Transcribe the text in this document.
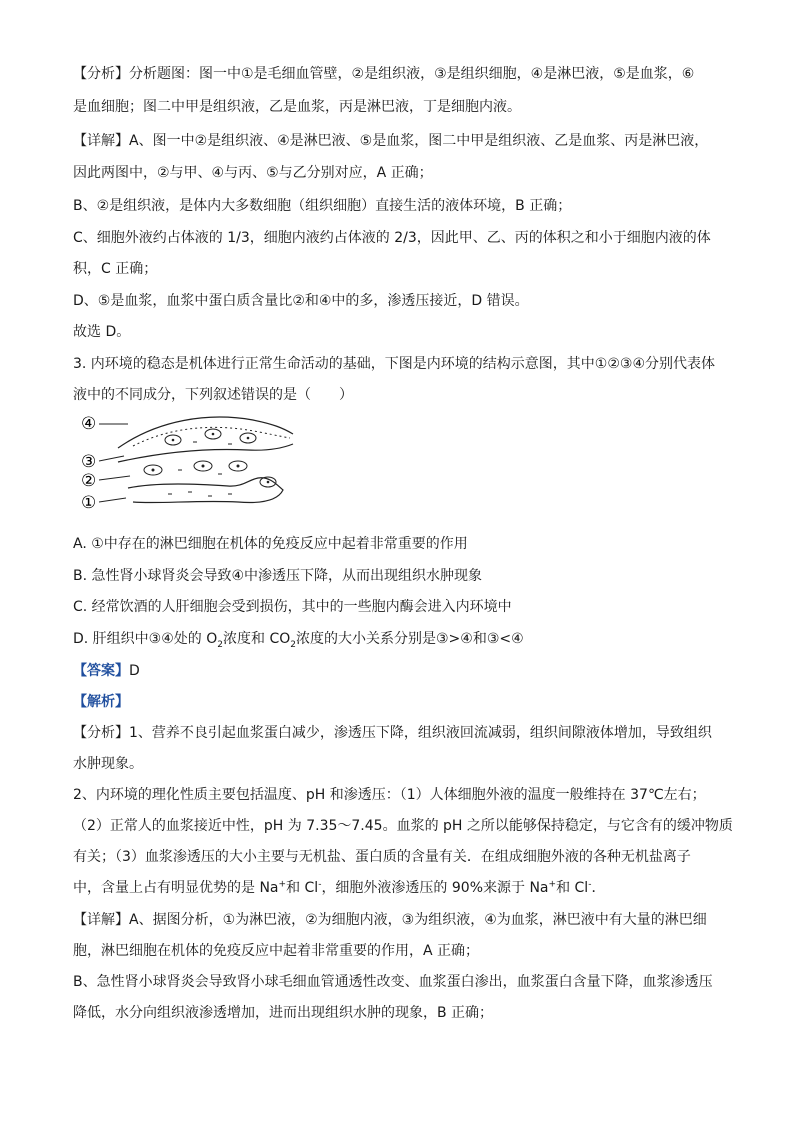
【分析】分析题图：图一中①是毛细血管壁，②是组织液，③是组织细胞，④是淋巴液，⑤是血浆，⑥
是血细胞；图二中甲是组织液，乙是血浆，丙是淋巴液，丁是细胞内液。
【详解】A、图一中②是组织液、④是淋巴液、⑤是血浆，图二中甲是组织液、乙是血浆、丙是淋巴液，
因此两图中，②与甲、④与丙、⑤与乙分别对应，A 正确；
B、②是组织液，是体内大多数细胞（组织细胞）直接生活的液体环境，B 正确；
C、细胞外液约占体液的 1/3，细胞内液约占体液的 2/3，因此甲、乙、丙的体积之和小于细胞内液的体
积，C 正确；
D、⑤是血浆，血浆中蛋白质含量比②和④中的多，渗透压接近，D 错误。
故选 D。
3. 内环境的稳态是机体进行正常生命活动的基础，下图是内环境的结构示意图，其中①②③④分别代表体
液中的不同成分，下列叙述错误的是（　　）
④
③
②
①
A. ①中存在的淋巴细胞在机体的免疫反应中起着非常重要的作用
B. 急性肾小球肾炎会导致④中渗透压下降，从而出现组织水肿现象
C. 经常饮酒的人肝细胞会受到损伤，其中的一些胞内酶会进入内环境中
D. 肝组织中③④处的 $O_2$浓度和 $CO_2$浓度的大小关系分别是③>④和③<④
【答案】D
【解析】
【分析】1、营养不良引起血浆蛋白减少，渗透压下降，组织液回流减弱，组织间隙液体增加，导致组织
水肿现象。
2、内环境的理化性质主要包括温度、pH 和渗透压：（1）人体细胞外液的温度一般维持在 37℃左右；
（2）正常人的血浆接近中性，pH 为 7.35～7.45。血浆的 pH 之所以能够保持稳定，与它含有的缓冲物质
有关；（3）血浆渗透压的大小主要与无机盐、蛋白质的含量有关．在组成细胞外液的各种无机盐离子
中，含量上占有明显优势的是 Na+和 Cl-，细胞外液渗透压的 90%来源于 Na+和 Cl-．
【详解】A、据图分析，①为淋巴液，②为细胞内液，③为组织液，④为血浆，淋巴液中有大量的淋巴细
胞，淋巴细胞在机体的免疫反应中起着非常重要的作用，A 正确；
B、急性肾小球肾炎会导致肾小球毛细血管通透性改变、血浆蛋白渗出，血浆蛋白含量下降，血浆渗透压
降低，水分向组织液渗透增加，进而出现组织水肿的现象，B 正确；
